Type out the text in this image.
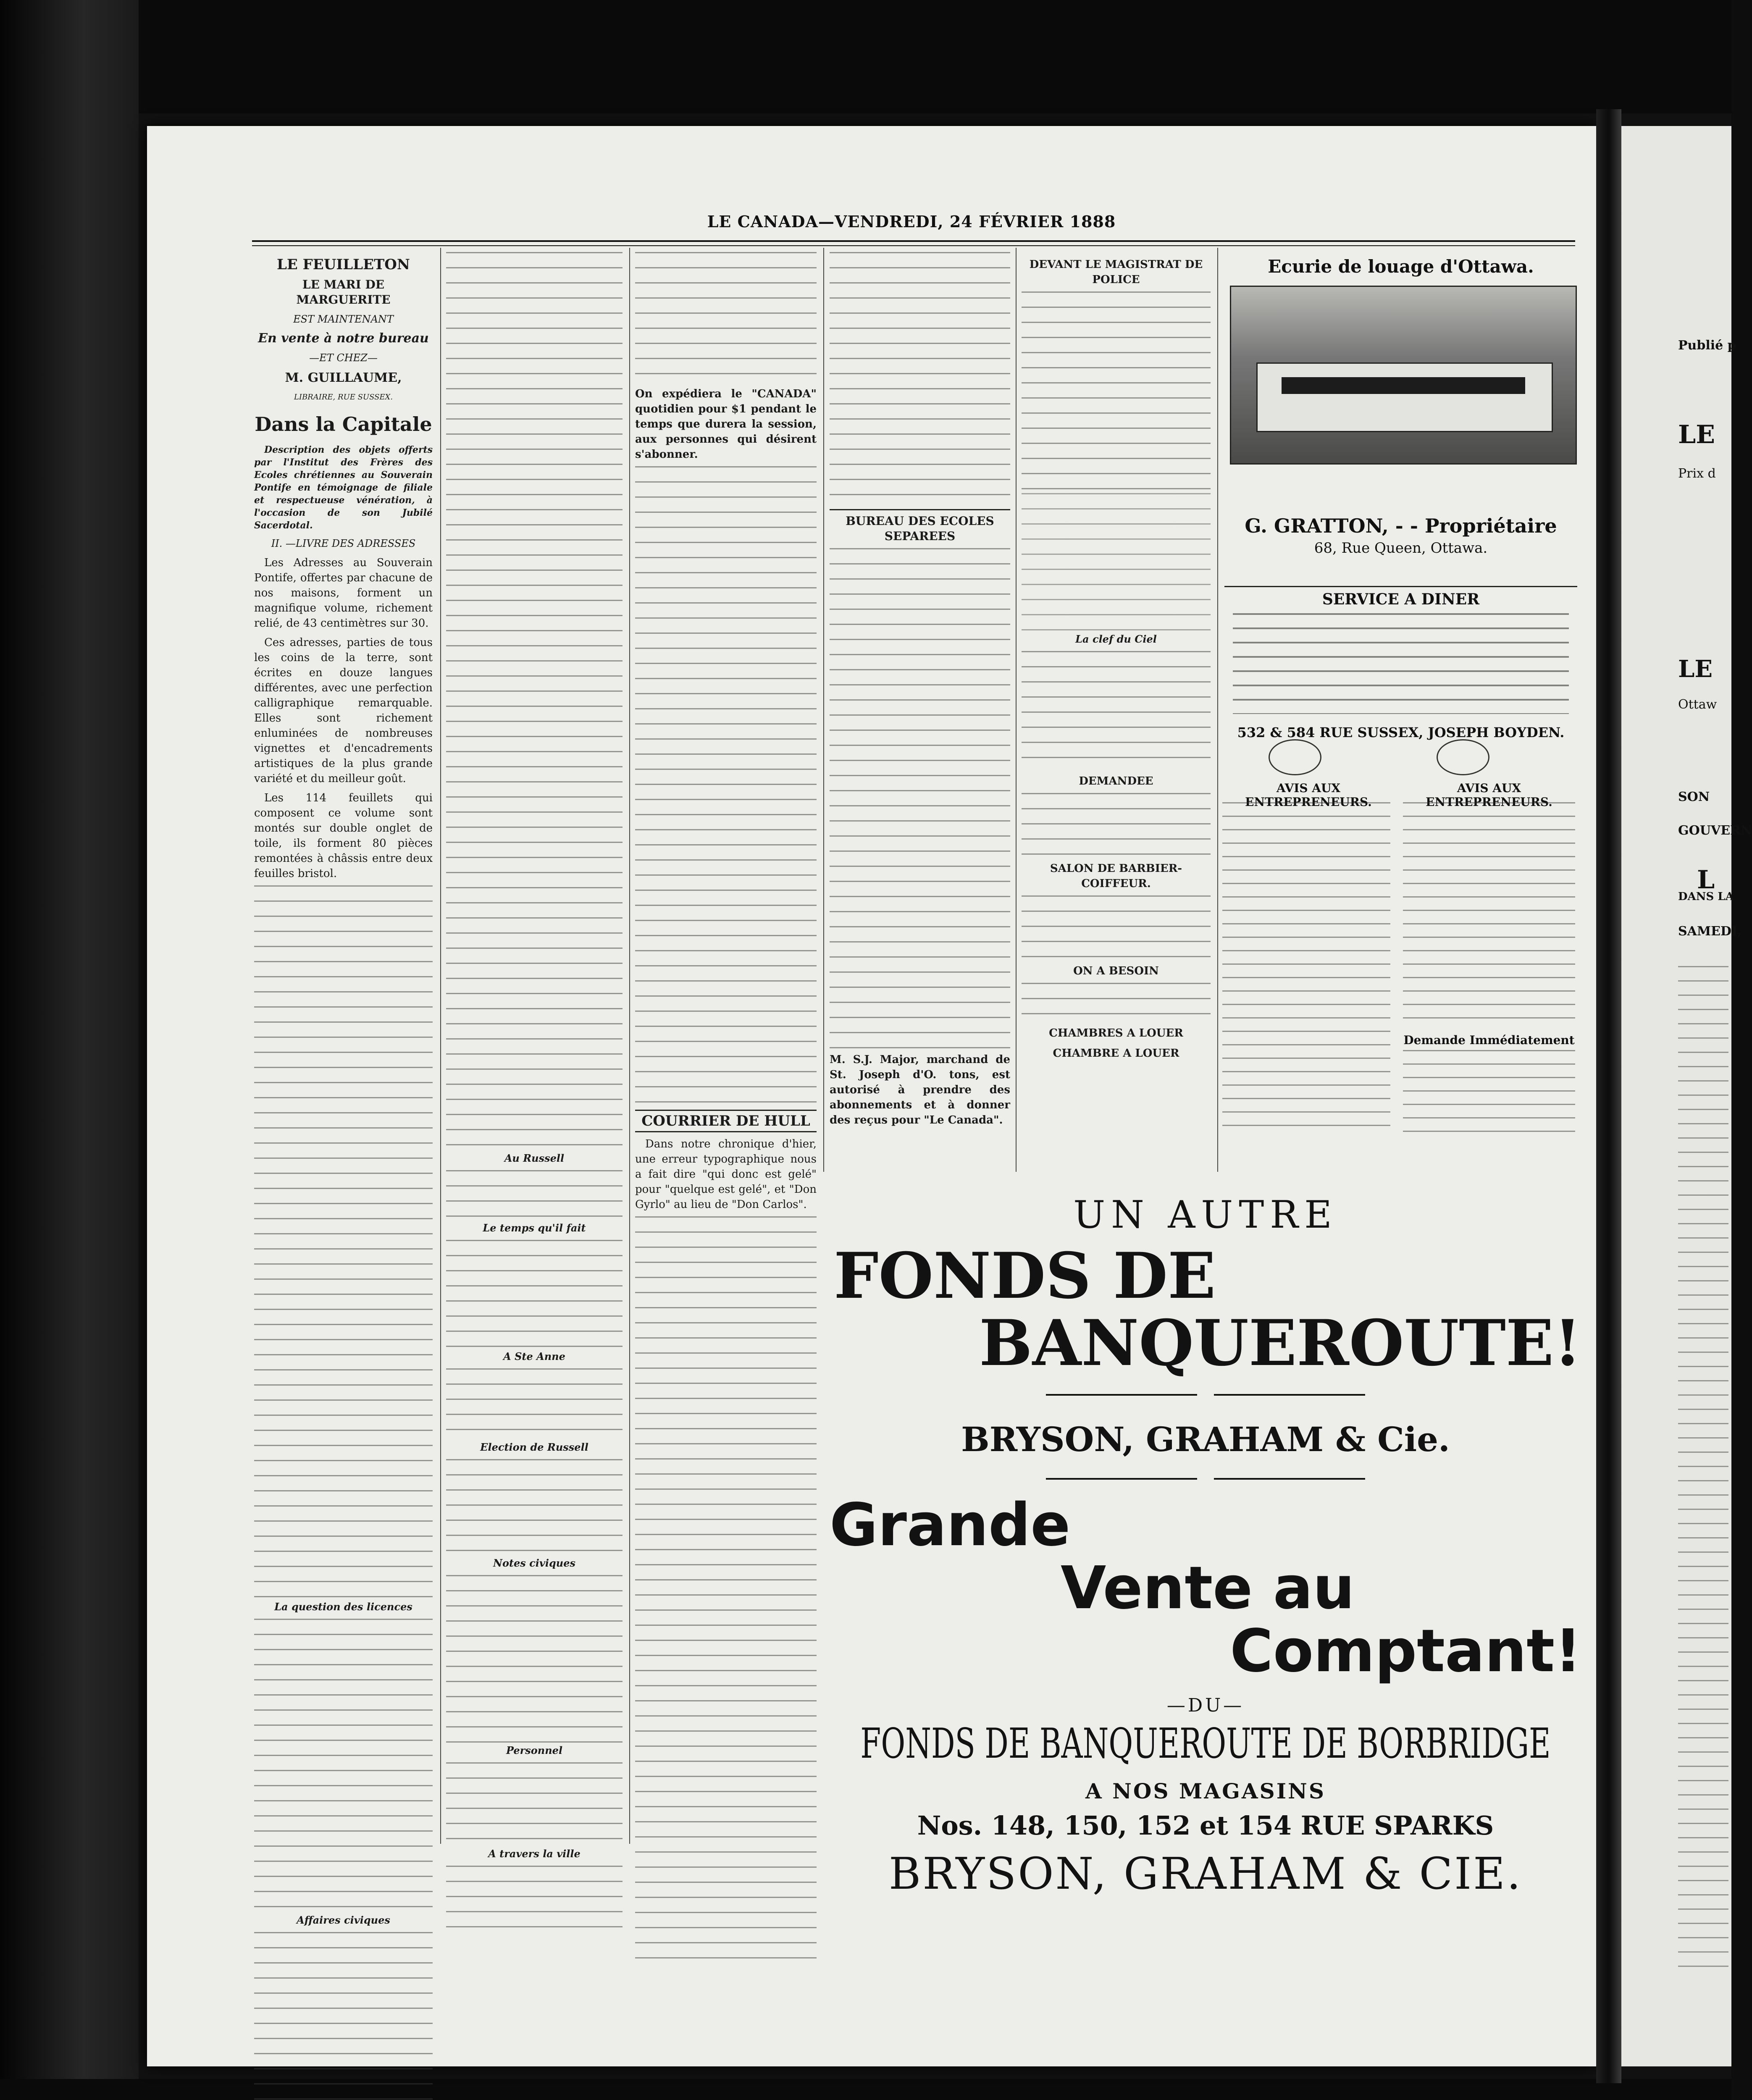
LE CANADA—VENDREDI, 24 FÉVRIER 1888

LE FEUILLETON

LE MARI DE MARGUERITE

EST MAINTENANT

En vente à notre bureau

—ET CHEZ—

M. GUILLAUME,

LIBRAIRE, RUE SUSSEX.

Dans la Capitale

Description des objets offerts par l'Institut des Frères des Ecoles chrétiennes au Souverain Pontife en témoignage de filiale et respectueuse vénération, à l'occasion de son Jubilé Sacerdotal.

II. —LIVRE DES ADRESSES

Les Adresses au Souverain Pontife, offertes par chacune de nos maisons, forment un magnifique volume, richement relié, de 43 centimètres sur 30.

Ces adresses, parties de tous les coins de la terre, sont écrites en douze langues différentes, avec une perfection calligraphique remarquable. Elles sont richement enluminées de nombreuses vignettes et d'encadrements artistiques de la plus grande variété et du meilleur goût.

Les 114 feuillets qui composent ce volume sont montés sur double onglet de toile, ils forment 80 pièces remontées à châssis entre deux feuilles bristol.

La question des licences

Affaires civiques

Au Russell

Le temps qu'il fait

A Ste Anne

Election de Russell

Notes civiques

Personnel

A travers la ville

On expédiera le "CANADA" quotidien pour $1 pendant le temps que durera la session, aux personnes qui désirent s'abonner.

COURRIER DE HULL

Dans notre chronique d'hier, une erreur typographique nous a fait dire "qui donc est gelé" pour "quelque est gelé", et "Don Gyrlo" au lieu de "Don Carlos".

BUREAU DES ECOLES SEPAREES

M. S.J. Major, marchand de St. Joseph d'O. tons, est autorisé à prendre des abonnements et à donner des reçus pour "Le Canada".

DEVANT LE MAGISTRAT DE POLICE

La clef du Ciel

DEMANDEE

SALON DE BARBIER-COIFFEUR.

ON A BESOIN

CHAMBRES A LOUER

CHAMBRE A LOUER

Ecurie de louage d'Ottawa.
G. GRATTON, - - Propriétaire
68, Rue Queen, Ottawa.
SERVICE A DINER
532 & 584 RUE SUSSEX, JOSEPH BOYDEN.
AVIS AUX ENTREPRENEURS.
AVIS AUX ENTREPRENEURS.
Demande Immédiatement
UN AUTRE
FONDS DE
BANQUEROUTE!
BRYSON, GRAHAM & Cie.
Grande
Vente au
Comptant!
—DU—
FONDS DE BANQUEROUTE DE BORBRIDGE
A NOS MAGASINS
Nos. 148, 150, 152 et 154 RUE SPARKS
BRYSON, GRAHAM & CIE.
Publié p
LE
Prix d
LE
Ottaw
SON
GOUVERN
L
DANS LA
SAMEDI,
